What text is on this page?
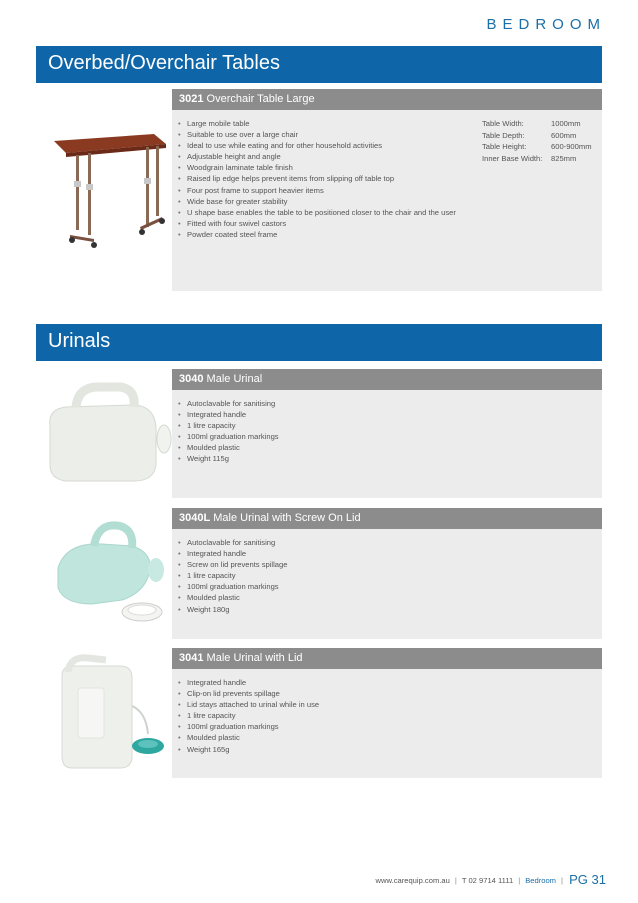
BEDROOM
Overbed/Overchair Tables
3021 Overchair Table Large
• Large mobile table
• Suitable to use over a large chair
• Ideal to use while eating and for other household activities
• Adjustable height and angle
• Woodgrain laminate table finish
• Raised lip edge helps prevent items from slipping off table top
• Four post frame to support heavier items
• Wide base for greater stability
• U shape base enables the table to be positioned closer to the chair and the user
• Fitted with four swivel castors
• Powder coated steel frame
Table Width:	1000mm
Table Depth:	600mm
Table Height:	600-900mm
Inner Base Width:	825mm
Urinals
3040 Male Urinal
• Autoclavable for sanitising
• Integrated handle
• 1 litre capacity
• 100ml graduation markings
• Moulded plastic
• Weight 115g
3040L Male Urinal with Screw On Lid
• Autoclavable for sanitising
• Integrated handle
• Screw on lid prevents spillage
• 1 litre capacity
• 100ml graduation markings
• Moulded plastic
• Weight 180g
3041 Male Urinal with Lid
• Integrated handle
• Clip-on lid prevents spillage
• Lid stays attached to urinal while in use
• 1 litre capacity
• 100ml graduation markings
• Moulded plastic
• Weight 165g
www.carequip.com.au | T 02 9714 1111 | Bedroom | PG 31
